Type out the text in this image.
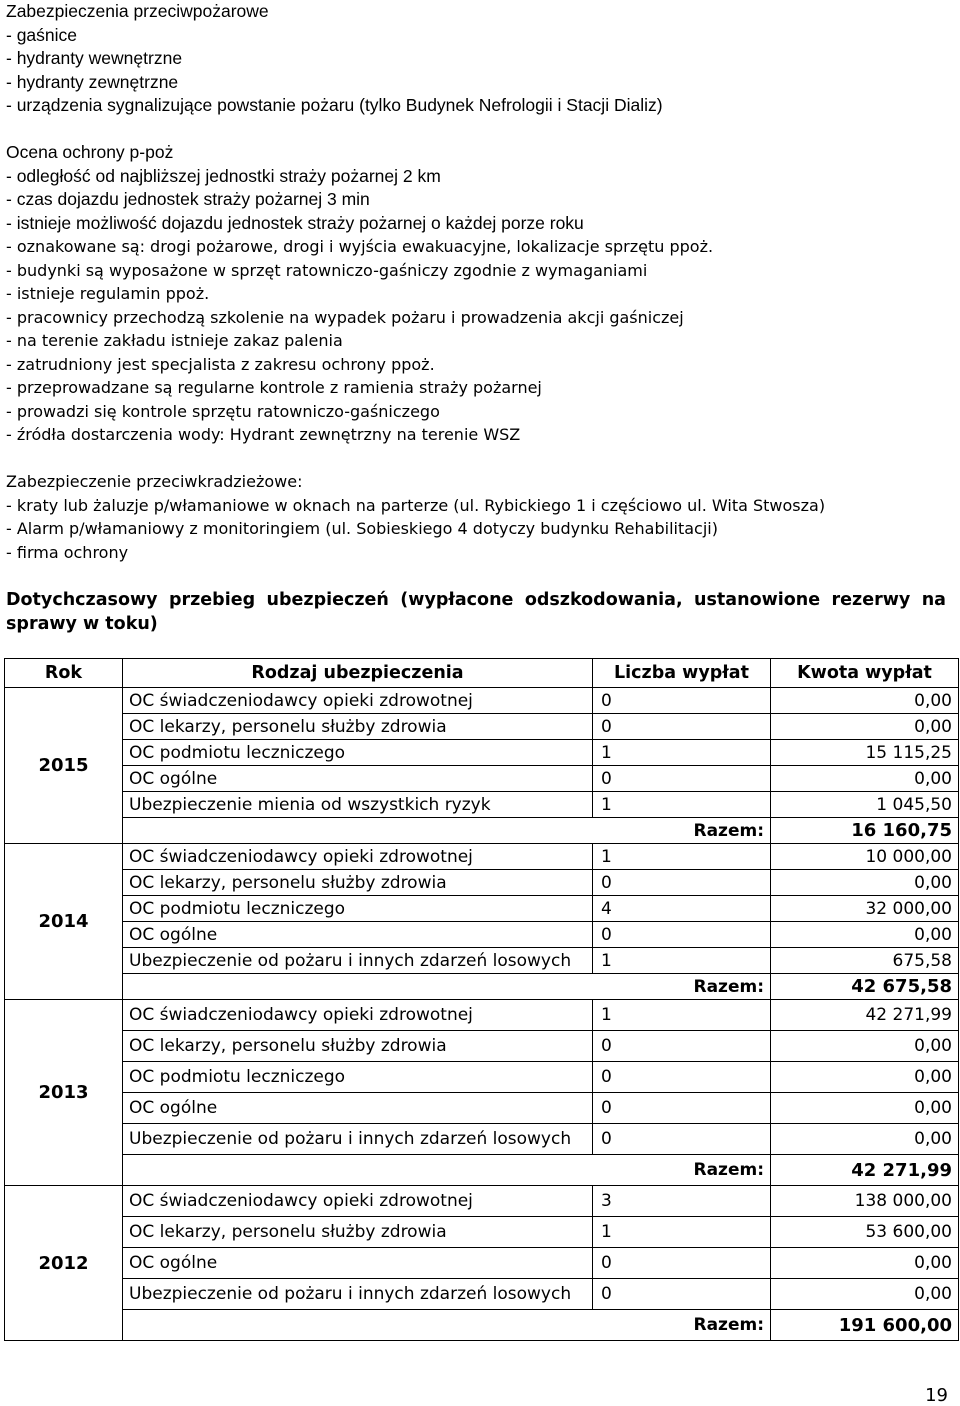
Zabezpieczenia przeciwpożarowe
- gaśnice
- hydranty wewnętrzne
- hydranty zewnętrzne
- urządzenia sygnalizujące powstanie pożaru (tylko Budynek Nefrologii i Stacji Dializ)
Ocena ochrony p-poż
- odległość od najbliższej jednostki straży pożarnej 2 km
- czas dojazdu jednostek straży pożarnej 3 min
- istnieje możliwość dojazdu jednostek straży pożarnej o każdej porze roku
- oznakowane są: drogi pożarowe, drogi i wyjścia ewakuacyjne, lokalizacje sprzętu ppoż.
- budynki są wyposażone w sprzęt ratowniczo-gaśniczy zgodnie z wymaganiami
- istnieje regulamin ppoż.
- pracownicy przechodzą szkolenie na wypadek pożaru i prowadzenia akcji gaśniczej
- na terenie zakładu istnieje zakaz palenia
- zatrudniony jest specjalista z zakresu ochrony ppoż.
- przeprowadzane są regularne kontrole z ramienia straży pożarnej
- prowadzi się kontrole sprzętu ratowniczo-gaśniczego
- źródła dostarczenia wody: Hydrant zewnętrzny na terenie WSZ
Zabezpieczenie przeciwkradzieżowe:
- kraty lub żaluzje p/włamaniowe w oknach na parterze (ul. Rybickiego 1 i częściowo ul. Wita Stwosza)
- Alarm p/włamaniowy z monitoringiem (ul. Sobieskiego 4 dotyczy budynku Rehabilitacji)
- firma ochrony
Dotychczasowy przebieg ubezpieczeń (wypłacone odszkodowania, ustanowione rezerwy na sprawy w toku)
Rok	Rodzaj ubezpieczenia	Liczba wypłat	Kwota wypłat
2015	OC świadczeniodawcy opieki zdrowotnej	0	0,00
	OC lekarzy, personelu służby zdrowia	0	0,00
	OC podmiotu leczniczego	1	15 115,25
	OC ogólne	0	0,00
	Ubezpieczenie mienia od wszystkich ryzyk	1	1 045,50
	Razem:		16 160,75
2014	OC świadczeniodawcy opieki zdrowotnej	1	10 000,00
	OC lekarzy, personelu służby zdrowia	0	0,00
	OC podmiotu leczniczego	4	32 000,00
	OC ogólne	0	0,00
	Ubezpieczenie od pożaru i innych zdarzeń losowych	1	675,58
	Razem:		42 675,58
2013	OC świadczeniodawcy opieki zdrowotnej	1	42 271,99
	OC lekarzy, personelu służby zdrowia	0	0,00
	OC podmiotu leczniczego	0	0,00
	OC ogólne	0	0,00
	Ubezpieczenie od pożaru i innych zdarzeń losowych	0	0,00
	Razem:		42 271,99
2012	OC świadczeniodawcy opieki zdrowotnej	3	138 000,00
	OC lekarzy, personelu służby zdrowia	1	53 600,00
	OC ogólne	0	0,00
	Ubezpieczenie od pożaru i innych zdarzeń losowych	0	0,00
	Razem:		191 600,00
19
